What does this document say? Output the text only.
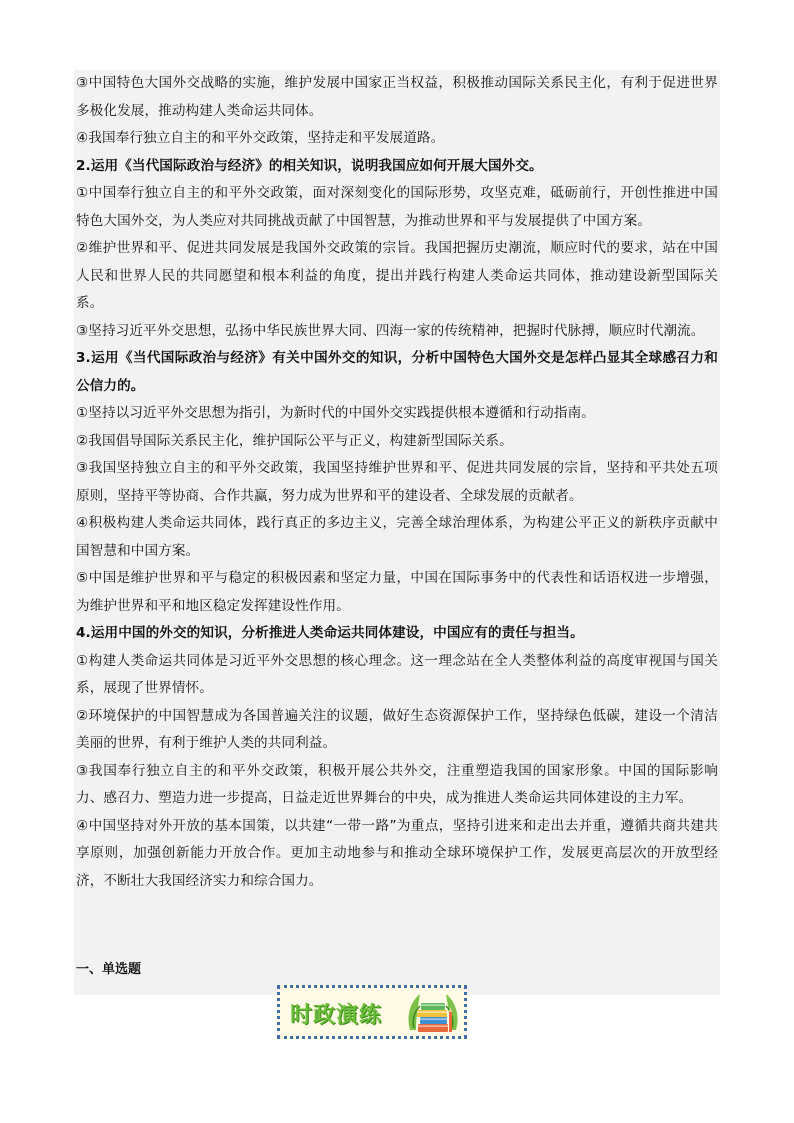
③中国特色大国外交战略的实施，维护发展中国家正当权益，积极推动国际关系民主化，有利于促进世界多极化发展，推动构建人类命运共同体。

④我国奉行独立自主的和平外交政策，坚持走和平发展道路。

2.运用《当代国际政治与经济》的相关知识，说明我国应如何开展大国外交。

①中国奉行独立自主的和平外交政策，面对深刻变化的国际形势，攻坚克难，砥砺前行，开创性推进中国特色大国外交，为人类应对共同挑战贡献了中国智慧，为推动世界和平与发展提供了中国方案。

②维护世界和平、促进共同发展是我国外交政策的宗旨。我国把握历史潮流，顺应时代的要求，站在中国人民和世界人民的共同愿望和根本利益的角度，提出并践行构建人类命运共同体，推动建设新型国际关系。

③坚持习近平外交思想，弘扬中华民族世界大同、四海一家的传统精神，把握时代脉搏，顺应时代潮流。

3.运用《当代国际政治与经济》有关中国外交的知识，分析中国特色大国外交是怎样凸显其全球感召力和公信力的。

①坚持以习近平外交思想为指引，为新时代的中国外交实践提供根本遵循和行动指南。

②我国倡导国际关系民主化，维护国际公平与正义，构建新型国际关系。

③我国坚持独立自主的和平外交政策，我国坚持维护世界和平、促进共同发展的宗旨，坚持和平共处五项原则，坚持平等协商、合作共赢，努力成为世界和平的建设者、全球发展的贡献者。

④积极构建人类命运共同体，践行真正的多边主义，完善全球治理体系，为构建公平正义的新秩序贡献中国智慧和中国方案。

⑤中国是维护世界和平与稳定的积极因素和坚定力量，中国在国际事务中的代表性和话语权进一步增强，为维护世界和平和地区稳定发挥建设性作用。

4.运用中国的外交的知识，分析推进人类命运共同体建设，中国应有的责任与担当。

①构建人类命运共同体是习近平外交思想的核心理念。这一理念站在全人类整体利益的高度审视国与国关系，展现了世界情怀。

②环境保护的中国智慧成为各国普遍关注的议题，做好生态资源保护工作，坚持绿色低碳，建设一个清洁美丽的世界，有利于维护人类的共同利益。

③我国奉行独立自主的和平外交政策，积极开展公共外交，注重塑造我国的国家形象。中国的国际影响力、感召力、塑造力进一步提高，日益走近世界舞台的中央，成为推进人类命运共同体建设的主力军。

④中国坚持对外开放的基本国策，以共建“一带一路”为重点，坚持引进来和走出去并重，遵循共商共建共享原则，加强创新能力开放合作。更加主动地参与和推动全球环境保护工作，发展更高层次的开放型经济，不断壮大我国经济实力和综合国力。

一、单选题
时政演练
